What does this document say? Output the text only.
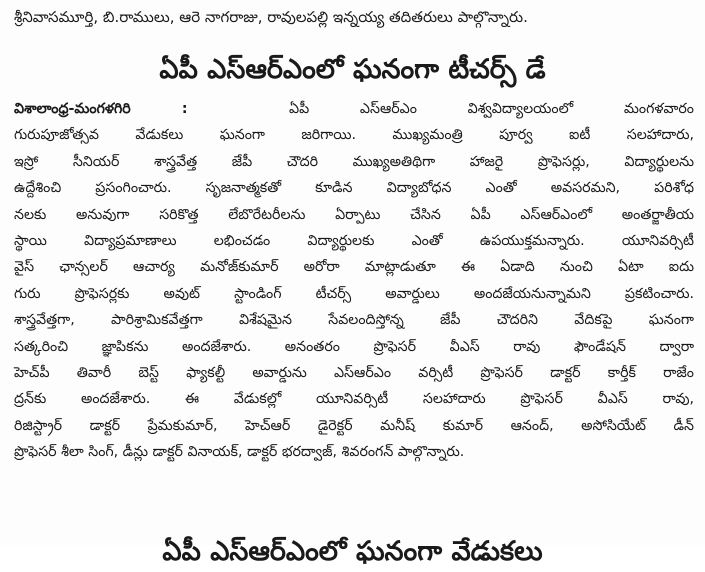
శ్రీనివాసమూర్తి, బి.రాములు, ఆరె నాగరాజు, రావులపల్లి ఇన్నయ్య తదితరులు పాల్గొన్నారు.
ఏపీ ఎస్‌ఆర్‌ఎంలో ఘనంగా టీచర్స్ డే
విశాలాంధ్ర-మంగళగిరి :	ఏపీ ఎస్ఆర్ఎం విశ్వవిద్యాలయంలో మంగళవారం
గురుపూజోత్సవ వేడుకలు ఘనంగా జరిగాయి. ముఖ్యమంత్రి పూర్వ ఐటీ సలహాదారు,
ఇస్రో సీనియర్ శాస్త్రవేత్త జేపీ చౌదరి ముఖ్యఅతిథిగా హాజరై ప్రొఫెసర్లు, విద్యార్థులను
ఉద్దేశించి ప్రసంగించారు. సృజనాత్మకతో కూడిన విద్యాబోధన ఎంతో అవసరమని, పరిశోధ
నలకు అనువుగా సరికొత్త లేబొరేటరీలను ఏర్పాటు చేసిన ఏపీ ఎస్ఆర్ఎంలో అంతర్జాతీయ
స్థాయి విద్యాప్రమాణాలు లభించడం విద్యార్థులకు ఎంతో ఉపయుక్తమన్నారు. యూనివర్సిటీ
వైస్ ఛాన్సలర్ ఆచార్య మనోజ్‌కుమార్ అరోరా మాట్లాడుతూ ఈ ఏడాది నుంచి ఏటా ఐదు
గురు ప్రొఫెసర్లకు అవుట్ స్టాండింగ్ టీచర్స్ అవార్డులు అందజేయనున్నామని ప్రకటించారు.
శాస్త్రవేత్తగా, పారిశ్రామికవేత్తగా విశేషమైన సేవలందిస్తోన్న జేపీ చౌదరిని వేదికపై ఘనంగా
సత్కరించి జ్ఞాపికను అందజేశారు. అనంతరం ప్రొఫెసర్ వీఎస్ రావు ఫౌండేషన్ ద్వారా
హెచ్‌పీ తివారీ బెస్ట్ ఫ్యాకల్టీ అవార్డును ఎస్ఆర్ఎం వర్సిటీ ప్రొఫెసర్ డాక్టర్ కార్తీక్ రాజేం
ద్రన్‌కు అందజేశారు. ఈ వేడుకల్లో యూనివర్సిటీ సలహాదారు ప్రొఫెసర్ వీఎస్ రావు,
రిజిస్ట్రార్ డాక్టర్ ప్రేమకుమార్, హెచ్ఆర్ డైరెక్టర్ మనీష్ కుమార్ ఆనంద్, అసోసియేట్ డీన్
ప్రొఫెసర్ శీలా సింగ్, డీన్లు డాక్టర్ వినాయక్, డాక్టర్ భరద్వాజ్, శివరంగన్ పాల్గొన్నారు.
ఏపీ ఎస్ఆర్ఎంలో ఘనంగా వేడుకలు
